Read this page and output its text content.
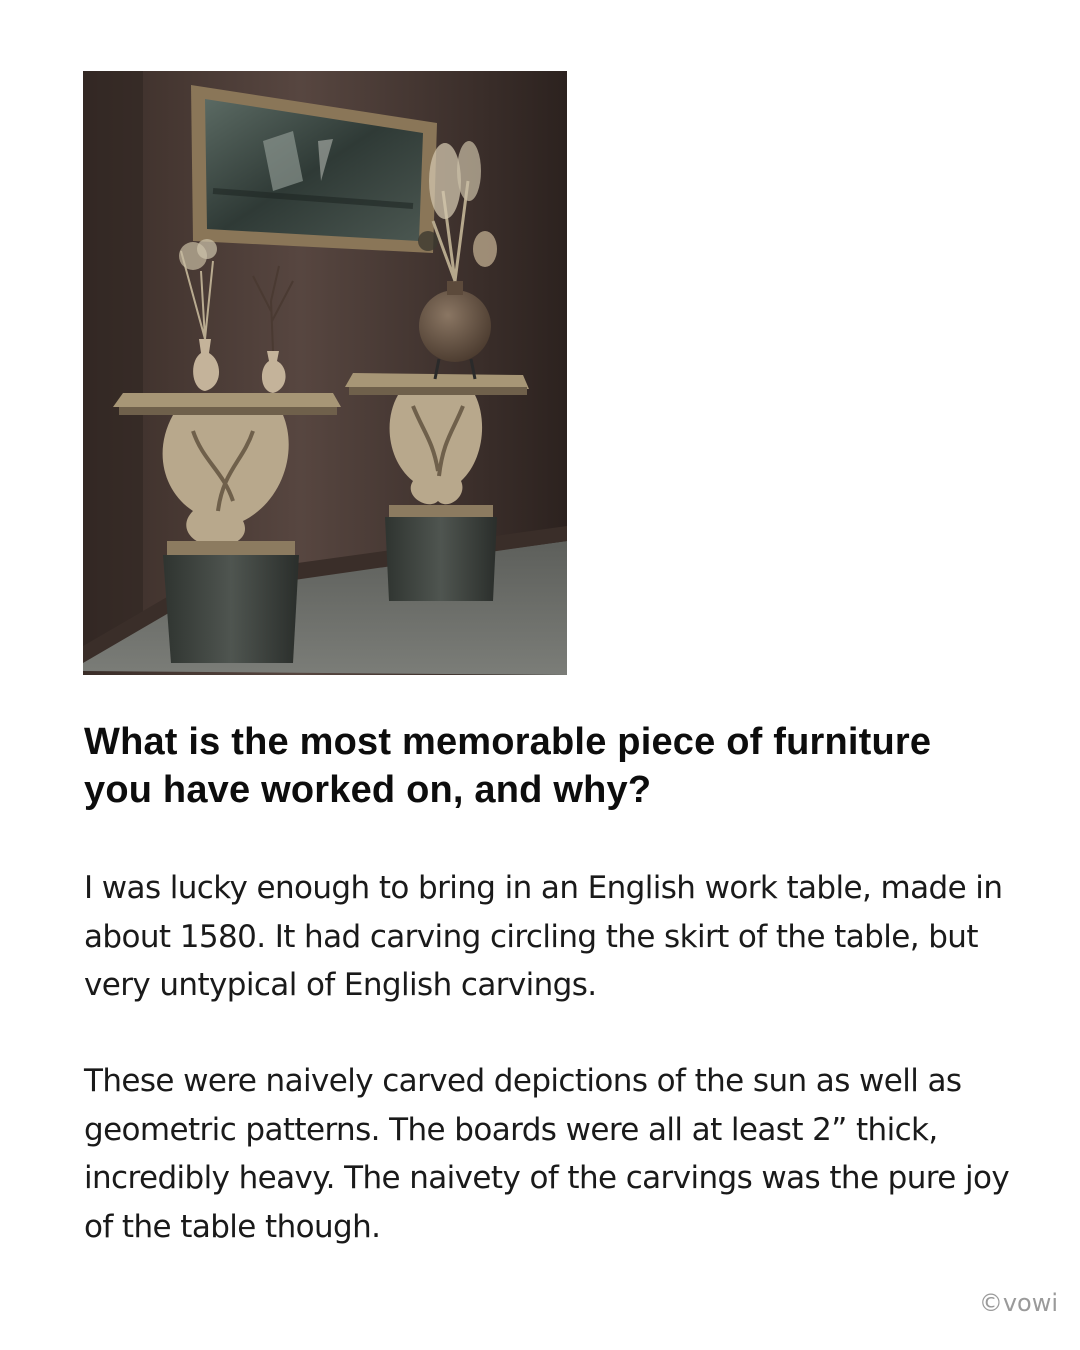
What is the most memorable piece of furniture you have worked on, and why?

I was lucky enough to bring in an English work table, made in about 1580. It had carving circling the skirt of the table, but very untypical of English carvings.

These were naively carved depictions of the sun as well as geometric patterns. The boards were all at least 2” thick, incredibly heavy. The naivety of the carvings was the pure joy of the table though.

©vowi
